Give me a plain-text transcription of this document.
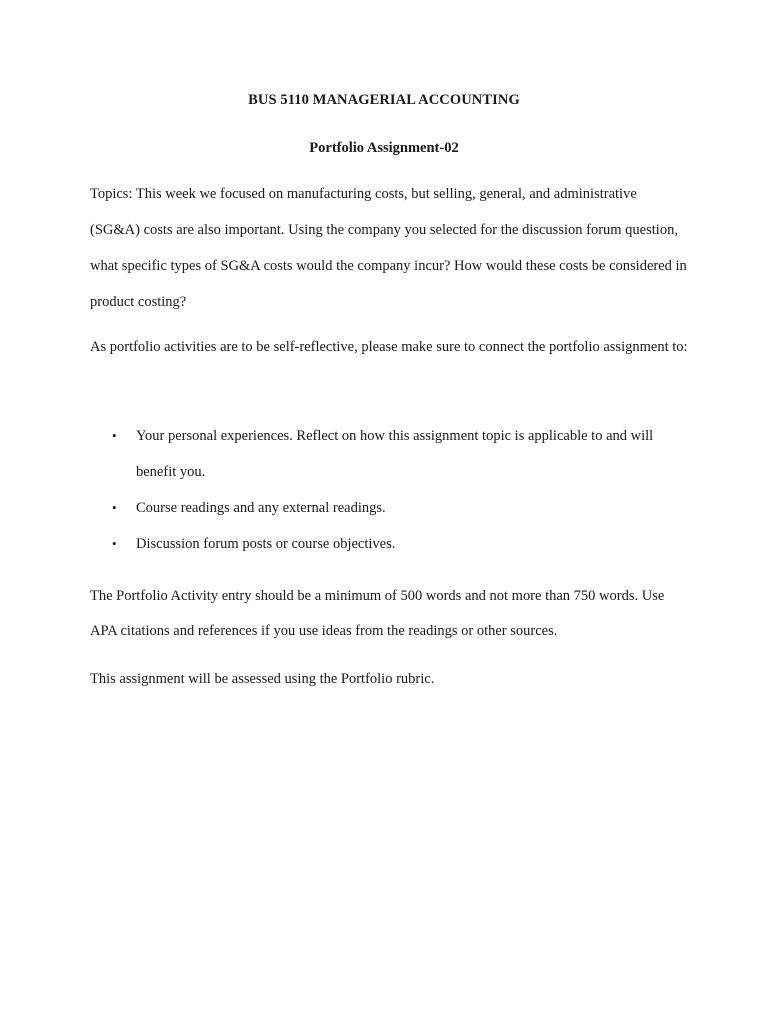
BUS 5110 MANAGERIAL ACCOUNTING
Portfolio Assignment-02

Topics: This week we focused on manufacturing costs, but selling, general, and administrative (SG&A) costs are also important. Using the company you selected for the discussion forum question, what specific types of SG&A costs would the company incur? How would these costs be considered in product costing?

As portfolio activities are to be self-reflective, please make sure to connect the portfolio assignment to:

• Your personal experiences. Reflect on how this assignment topic is applicable to and will benefit you.
• Course readings and any external readings.
• Discussion forum posts or course objectives.

The Portfolio Activity entry should be a minimum of 500 words and not more than 750 words. Use APA citations and references if you use ideas from the readings or other sources.

This assignment will be assessed using the Portfolio rubric.
